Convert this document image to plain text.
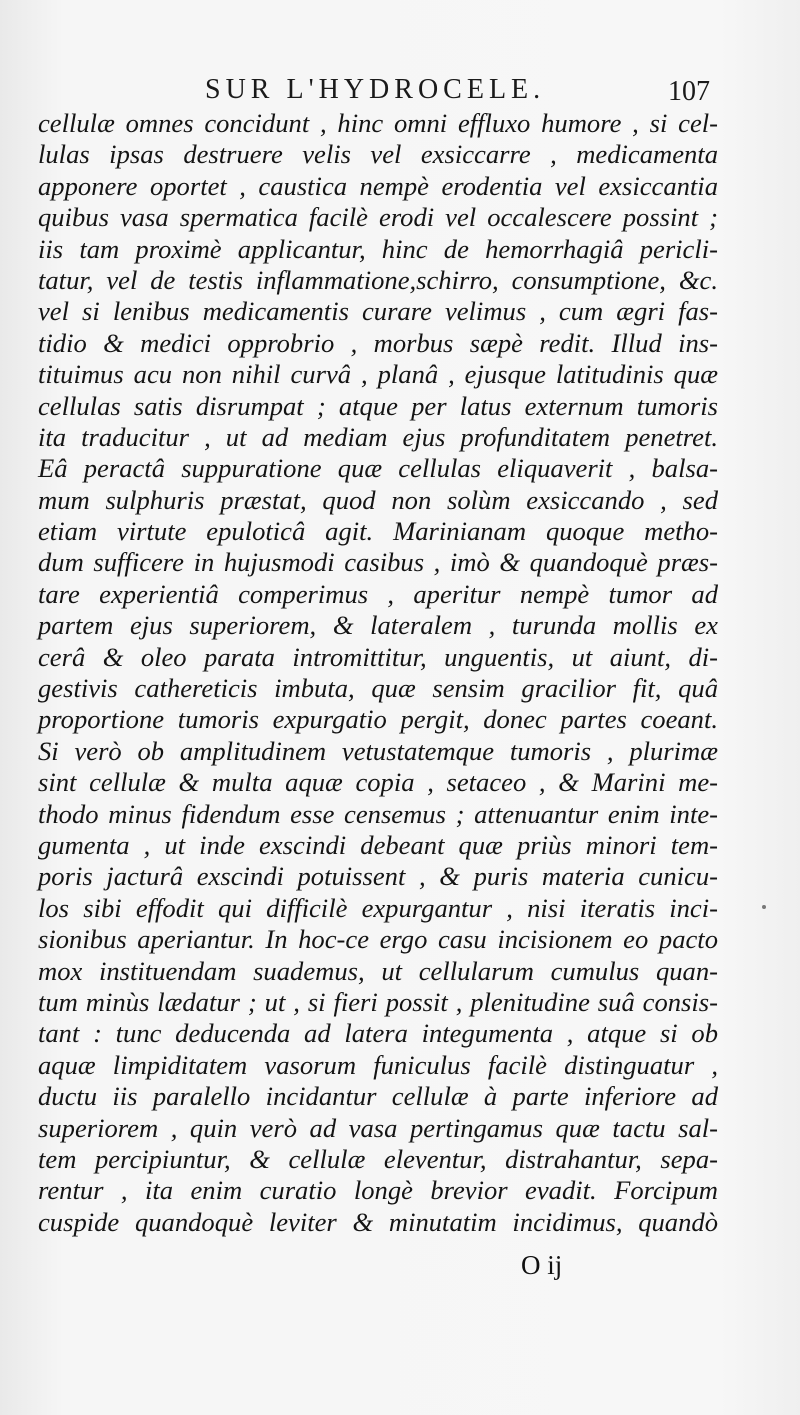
SUR L'HYDROCELE.	107
cellulæ omnes concidunt , hinc omni effluxo humore , si cel-
lulas ipsas destruere velis vel exsiccarre , medicamenta
apponere oportet , caustica nempè erodentia vel exsiccantia
quibus vasa spermatica facilè erodi vel occalescere possint ;
iis tam proximè applicantur, hinc de hemorrhagiâ pericli-
tatur, vel de testis inflammatione,schirro, consumptione, &c.
vel si lenibus medicamentis curare velimus , cum ægri fas-
tidio & medici opprobrio , morbus sæpè redit. Illud ins-
tituimus acu non nihil curvâ , planâ , ejusque latitudinis quæ
cellulas satis disrumpat ; atque per latus externum tumoris
ita traducitur , ut ad mediam ejus profunditatem penetret.
Eâ peractâ suppuratione quæ cellulas eliquaverit , balsa-
mum sulphuris præstat, quod non solùm exsiccando , sed
etiam virtute epuloticâ agit. Marinianam quoque metho-
dum sufficere in hujusmodi casibus , imò & quandoquè præs-
tare experientiâ comperimus , aperitur nempè tumor ad
partem ejus superiorem, & lateralem , turunda mollis ex
cerâ & oleo parata intromittitur, unguentis, ut aiunt, di-
gestivis cathereticis imbuta, quæ sensim gracilior fit, quâ
proportione tumoris expurgatio pergit, donec partes coeant.
Si verò ob amplitudinem vetustatemque tumoris , plurimæ
sint cellulæ & multa aquæ copia , setaceo , & Marini me-
thodo minus fidendum esse censemus ; attenuantur enim inte-
gumenta , ut inde exscindi debeant quæ priùs minori tem-
poris jacturâ exscindi potuissent , & puris materia cunicu-
los sibi effodit qui difficilè expurgantur , nisi iteratis inci-
sionibus aperiantur. In hoc-ce ergo casu incisionem eo pacto
mox instituendam suademus, ut cellularum cumulus quan-
tum minùs lædatur ; ut , si fieri possit , plenitudine suâ consis-
tant : tunc deducenda ad latera integumenta , atque si ob
aquæ limpiditatem vasorum funiculus facilè distinguatur ,
ductu iis paralello incidantur cellulæ à parte inferiore ad
superiorem , quin verò ad vasa pertingamus quæ tactu sal-
tem percipiuntur, & cellulæ eleventur, distrahantur, sepa-
rentur , ita enim curatio longè brevior evadit. Forcipum
cuspide quandoquè leviter & minutatim incidimus, quandò
O ij
